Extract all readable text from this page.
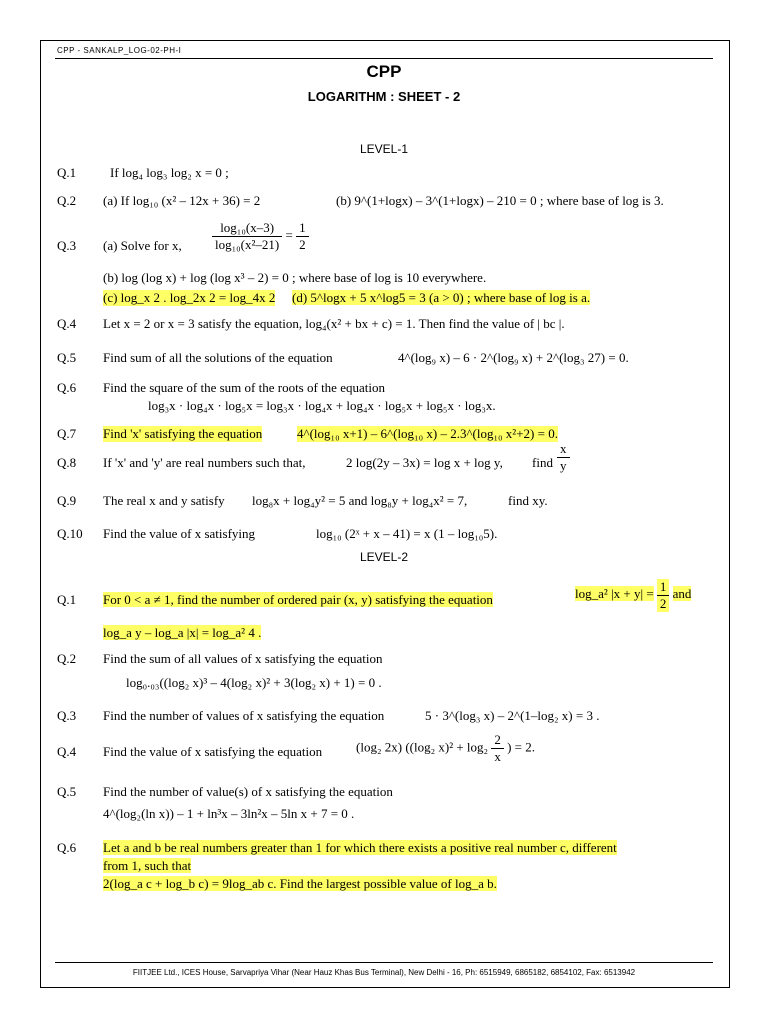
CPP - SANKALP_LOG-02-PH-I
CPP
LOGARITHM : SHEET - 2
LEVEL-1
Q.1	If log₄ log₃ log₂ x = 0 ;
Q.2 (a) If log₁₀ (x² – 12x + 36) = 2	(b) 9^(1+logx) – 3^(1+logx) – 210 = 0 ; where base of log is 3.
Q.3 (a) Solve for x, $\frac{\text{log₁₀(x–3)}}{\text{log₁₀(x²–21)}} = \frac{1}{2}$
(b) log (log x) + log (log x³ – 2) = 0 ; where base of log is 10 everywhere.
(c) log_x 2 . log_2x 2 = log_4x 2 (d) 5^logx + 5 x^log5 = 3 (a > 0) ; where base of log is a.
Q.4 Let x = 2 or x = 3 satisfy the equation, log₄(x² + bx + c) = 1. Then find the value of | bc |.
Q.5 Find sum of all the solutions of the equation	4^(log₉ x) – 6 · 2^(log₉ x) + 2^(log₃ 27) = 0.
Q.6 Find the square of the sum of the roots of the equation
log₃x · log₄x · log₅x = log₃x · log₄x + log₄x · log₅x + log₅x · log₃x.
Q.7 Find 'x' satisfying the equation	4^(log₁₀ x+1) – 6^(log₁₀ x) – 2.3^(log₁₀ x²+2) = 0.
Q.8 If 'x' and 'y' are real numbers such that,	2 log(2y – 3x) = log x + log y, find $\frac{x}{y}$
Q.9 The real x and y satisfy log₈x + log₄y² = 5 and log₈y + log₄x² = 7,	find xy.
Q.10 Find the value of x satisfying	log₁₀ (2ˣ + x – 41) = x (1 – log₁₀5).
LEVEL-2
Q.1 For 0 < a ≠ 1, find the number of ordered pair (x, y) satisfying the equation	log_a² $|x + y| = \frac{1}{2}$ and
log_a y – log_a |x| = log_a² 4 .
Q.2 Find the sum of all values of x satisfying the equation
log₀.₀₃((log₂ x)³ – 4(log₂ x)² + 3(log₂ x) + 1) = 0 .
Q.3 Find the number of values of x satisfying the equation	5 · 3^(log₃ x) – 2^(1–log₂ x) = 3 .
Q.4 Find the value of x satisfying the equation	(log₂ 2x) ((log₂ $x)^2 + \log_2 \frac{2}{x}$ ) = 2.
Q.5 Find the number of value(s) of x satisfying the equation
4^(log₂(ln x)) – 1 + ln³x – 3ln²x – 5ln x + 7 = 0 .
Q.6 Let a and b be real numbers greater than 1 for which there exists a positive real number c, different
from 1, such that
2(log_a c + log_b c) = 9log_ab c. Find the largest possible value of log_a b.
FIITJEE Ltd., ICES House, Sarvapriya Vihar (Near Hauz Khas Bus Terminal), New Delhi - 16, Ph: 6515949, 6865182, 6854102, Fax: 6513942
